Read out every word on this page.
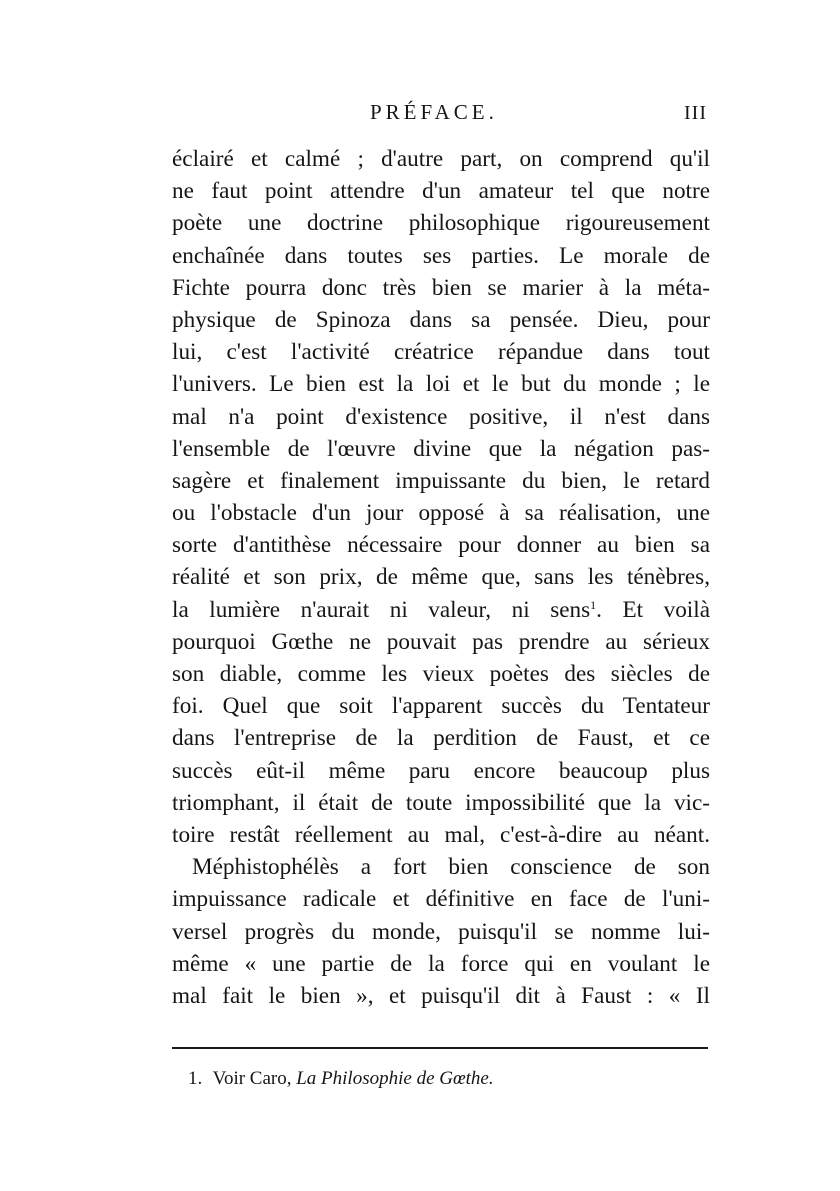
PRÉFACE.	III
éclairé et calmé ; d'autre part, on comprend qu'il
ne faut point attendre d'un amateur tel que notre
poète une doctrine philosophique rigoureusement
enchaînée dans toutes ses parties. Le morale de
Fichte pourra donc très bien se marier à la méta-
physique de Spinoza dans sa pensée. Dieu, pour
lui, c'est l'activité créatrice répandue dans tout
l'univers. Le bien est la loi et le but du monde ; le
mal n'a point d'existence positive, il n'est dans
l'ensemble de l'œuvre divine que la négation pas-
sagère et finalement impuissante du bien, le retard
ou l'obstacle d'un jour opposé à sa réalisation, une
sorte d'antithèse nécessaire pour donner au bien sa
réalité et son prix, de même que, sans les ténèbres,
la lumière n'aurait ni valeur, ni sens$^1$. Et voilà
pourquoi Gœthe ne pouvait pas prendre au sérieux
son diable, comme les vieux poètes des siècles de
foi. Quel que soit l'apparent succès du Tentateur
dans l'entreprise de la perdition de Faust, et ce
succès eût-il même paru encore beaucoup plus
triomphant, il était de toute impossibilité que la vic-
toire restât réellement au mal, c'est-à-dire au néant.
Méphistophélès a fort bien conscience de son
impuissance radicale et définitive en face de l'uni-
versel progrès du monde, puisqu'il se nomme lui-
même « une partie de la force qui en voulant le
mal fait le bien », et puisqu'il dit à Faust : « Il
1. Voir Caro, La Philosophie de Gœthe.
